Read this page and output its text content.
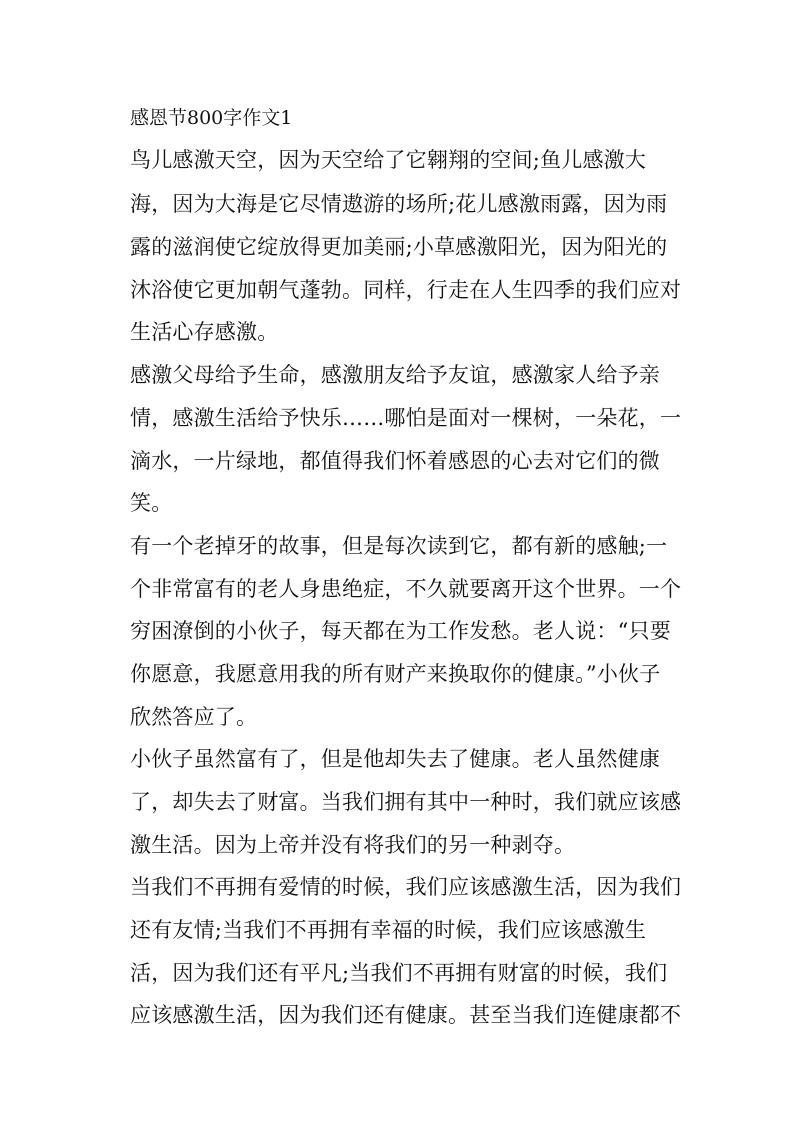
感恩节800字作文1
鸟儿感激天空，因为天空给了它翱翔的空间;鱼儿感激大
海，因为大海是它尽情遨游的场所;花儿感激雨露，因为雨
露的滋润使它绽放得更加美丽;小草感激阳光，因为阳光的
沐浴使它更加朝气蓬勃。同样，行走在人生四季的我们应对
生活心存感激。
感激父母给予生命，感激朋友给予友谊，感激家人给予亲
情，感激生活给予快乐……哪怕是面对一棵树，一朵花，一
滴水，一片绿地，都值得我们怀着感恩的心去对它们的微
笑。
有一个老掉牙的故事，但是每次读到它，都有新的感触;一
个非常富有的老人身患绝症，不久就要离开这个世界。一个
穷困潦倒的小伙子，每天都在为工作发愁。老人说：“只要
你愿意，我愿意用我的所有财产来换取你的健康。”小伙子
欣然答应了。
小伙子虽然富有了，但是他却失去了健康。老人虽然健康
了，却失去了财富。当我们拥有其中一种时，我们就应该感
激生活。因为上帝并没有将我们的另一种剥夺。
当我们不再拥有爱情的时候，我们应该感激生活，因为我们
还有友情;当我们不再拥有幸福的时候，我们应该感激生
活，因为我们还有平凡;当我们不再拥有财富的时候，我们
应该感激生活，因为我们还有健康。甚至当我们连健康都不
